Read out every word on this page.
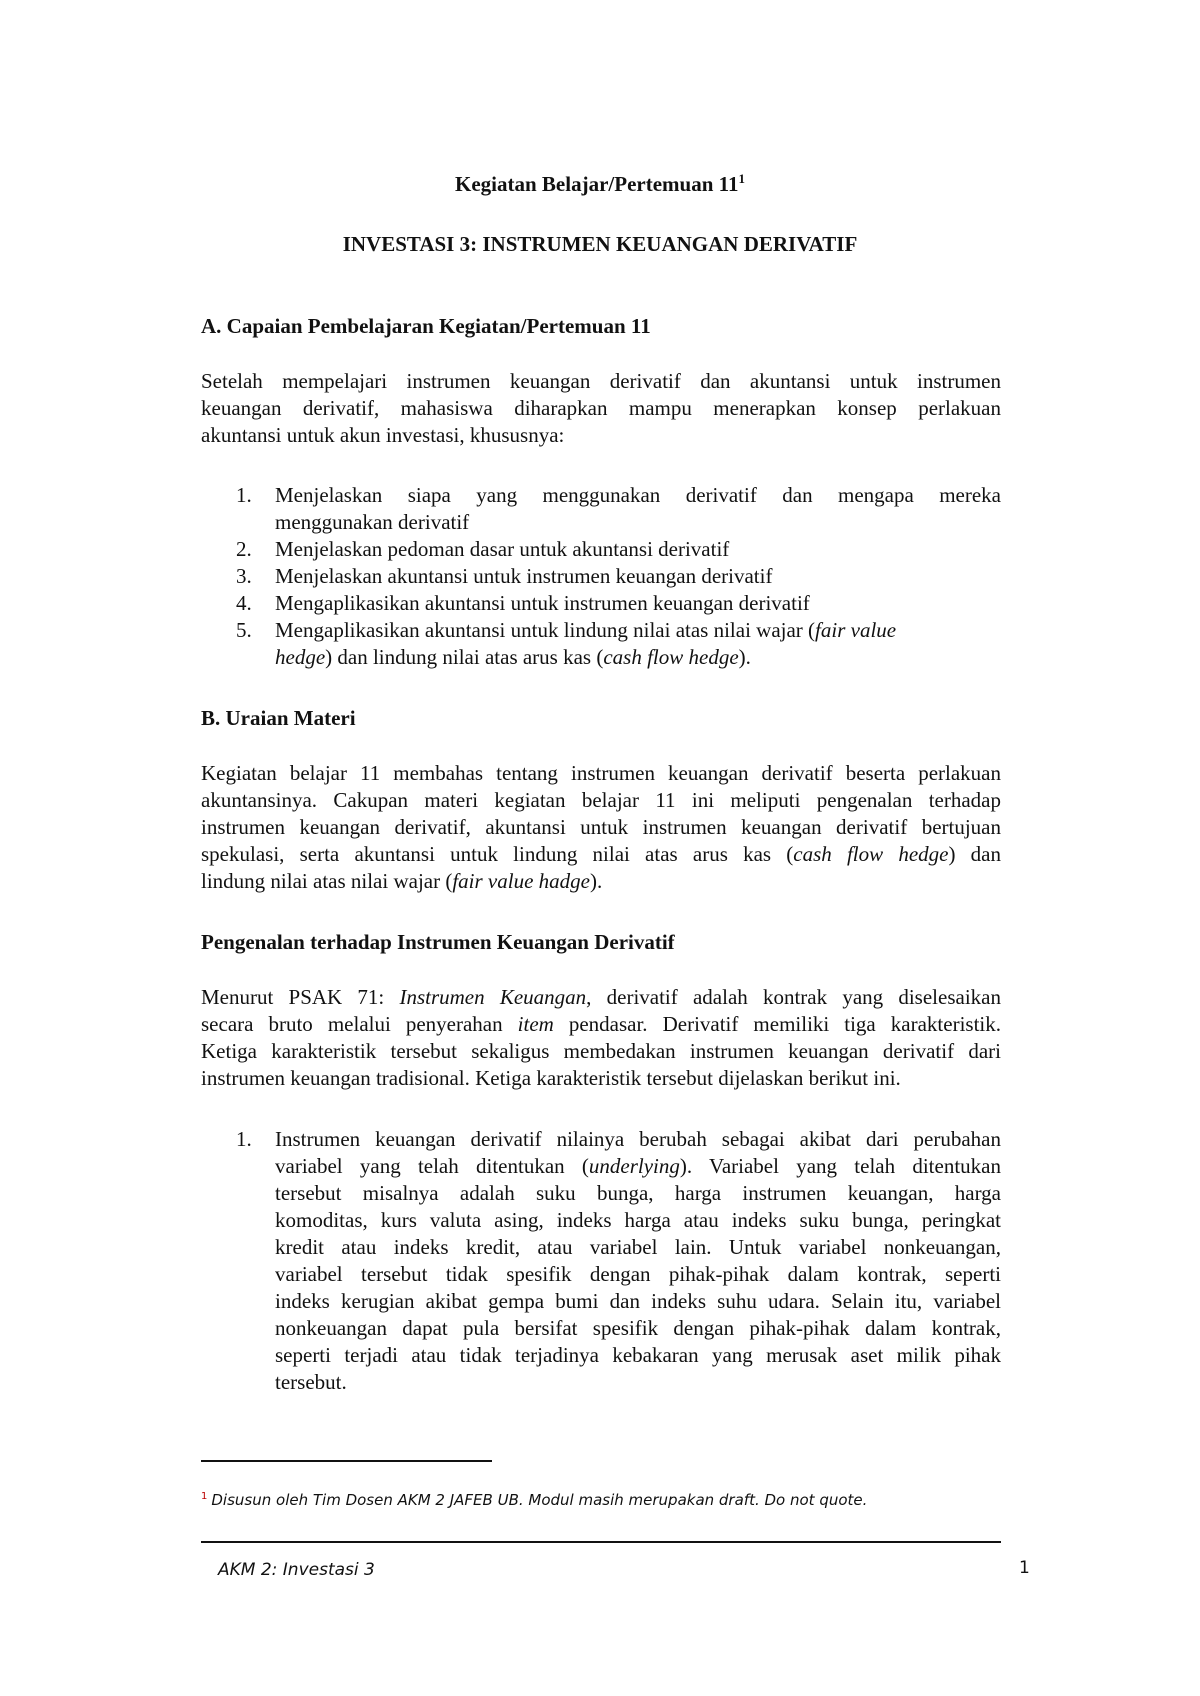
Kegiatan Belajar/Pertemuan $11^1$
INVESTASI 3: INSTRUMEN KEUANGAN DERIVATIF
A. Capaian Pembelajaran Kegiatan/Pertemuan 11
Setelah mempelajari instrumen keuangan derivatif dan akuntansi untuk instrumen
keuangan derivatif, mahasiswa diharapkan mampu menerapkan konsep perlakuan
akuntansi untuk akun investasi, khususnya:
1. Menjelaskan siapa yang menggunakan derivatif dan mengapa mereka
menggunakan derivatif
2. Menjelaskan pedoman dasar untuk akuntansi derivatif
3. Menjelaskan akuntansi untuk instrumen keuangan derivatif
4. Mengaplikasikan akuntansi untuk instrumen keuangan derivatif
5. Mengaplikasikan akuntansi untuk lindung nilai atas nilai wajar (fair value
hedge) dan lindung nilai atas arus kas (cash flow hedge).
B. Uraian Materi
Kegiatan belajar 11 membahas tentang instrumen keuangan derivatif beserta perlakuan
akuntansinya. Cakupan materi kegiatan belajar 11 ini meliputi pengenalan terhadap
instrumen keuangan derivatif, akuntansi untuk instrumen keuangan derivatif bertujuan
spekulasi, serta akuntansi untuk lindung nilai atas arus kas (cash flow hedge) dan
lindung nilai atas nilai wajar (fair value hadge).
Pengenalan terhadap Instrumen Keuangan Derivatif
Menurut PSAK 71: Instrumen Keuangan, derivatif adalah kontrak yang diselesaikan
secara bruto melalui penyerahan item pendasar. Derivatif memiliki tiga karakteristik.
Ketiga karakteristik tersebut sekaligus membedakan instrumen keuangan derivatif dari
instrumen keuangan tradisional. Ketiga karakteristik tersebut dijelaskan berikut ini.
1. Instrumen keuangan derivatif nilainya berubah sebagai akibat dari perubahan
variabel yang telah ditentukan (underlying). Variabel yang telah ditentukan
tersebut misalnya adalah suku bunga, harga instrumen keuangan, harga
komoditas, kurs valuta asing, indeks harga atau indeks suku bunga, peringkat
kredit atau indeks kredit, atau variabel lain. Untuk variabel nonkeuangan,
variabel tersebut tidak spesifik dengan pihak-pihak dalam kontrak, seperti
indeks kerugian akibat gempa bumi dan indeks suhu udara. Selain itu, variabel
nonkeuangan dapat pula bersifat spesifik dengan pihak-pihak dalam kontrak,
seperti terjadi atau tidak terjadinya kebakaran yang merusak aset milik pihak
tersebut.
$^1$ Disusun oleh Tim Dosen AKM 2 JAFEB UB. Modul masih merupakan draft. Do not quote.
AKM 2: Investasi 3	1
